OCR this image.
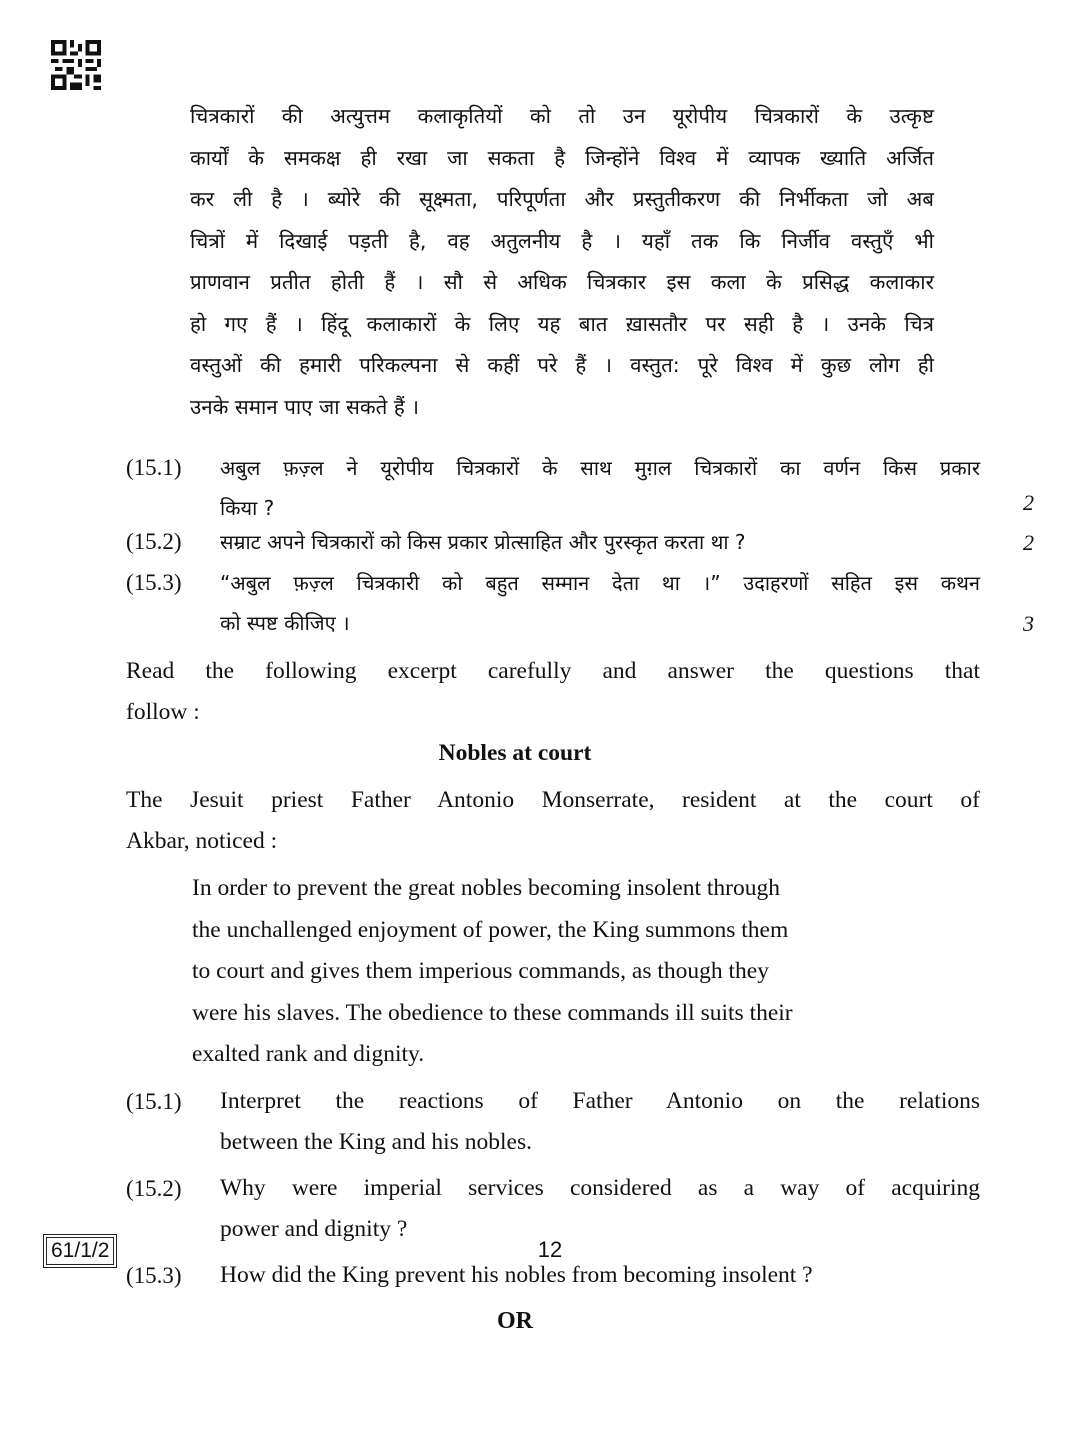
चित्रकारों की अत्युत्तम कलाकृतियों को तो उन यूरोपीय चित्रकारों के उत्कृष्ट
कार्यों के समकक्ष ही रखा जा सकता है जिन्होंने विश्व में व्यापक ख्याति अर्जित
कर ली है । ब्योरे की सूक्ष्मता, परिपूर्णता और प्रस्तुतीकरण की निर्भीकता जो अब
चित्रों में दिखाई पड़ती है, वह अतुलनीय है । यहाँ तक कि निर्जीव वस्तुएँ भी
प्राणवान प्रतीत होती हैं । सौ से अधिक चित्रकार इस कला के प्रसिद्ध कलाकार
हो गए हैं । हिंदू कलाकारों के लिए यह बात ख़ासतौर पर सही है । उनके चित्र
वस्तुओं की हमारी परिकल्पना से कहीं परे हैं । वस्तुत: पूरे विश्व में कुछ लोग ही
उनके समान पाए जा सकते हैं ।
(15.1) अबुल फ़ज़्ल ने यूरोपीय चित्रकारों के साथ मुग़ल चित्रकारों का वर्णन किस प्रकार
किया ?	2
(15.2) सम्राट अपने चित्रकारों को किस प्रकार प्रोत्साहित और पुरस्कृत करता था ?	2
(15.3) “अबुल फ़ज़्ल चित्रकारी को बहुत सम्मान देता था ।” उदाहरणों सहित इस कथन
को स्पष्ट कीजिए ।	3
Read the following excerpt carefully and answer the questions that
follow :
Nobles at court
The Jesuit priest Father Antonio Monserrate, resident at the court of
Akbar, noticed :
In order to prevent the great nobles becoming insolent through
the unchallenged enjoyment of power, the King summons them
to court and gives them imperious commands, as though they
were his slaves. The obedience to these commands ill suits their
exalted rank and dignity.
(15.1) Interpret the reactions of Father Antonio on the relations
between the King and his nobles.
(15.2) Why were imperial services considered as a way of acquiring
power and dignity ?
(15.3) How did the King prevent his nobles from becoming insolent ?
OR
61/1/2	12
